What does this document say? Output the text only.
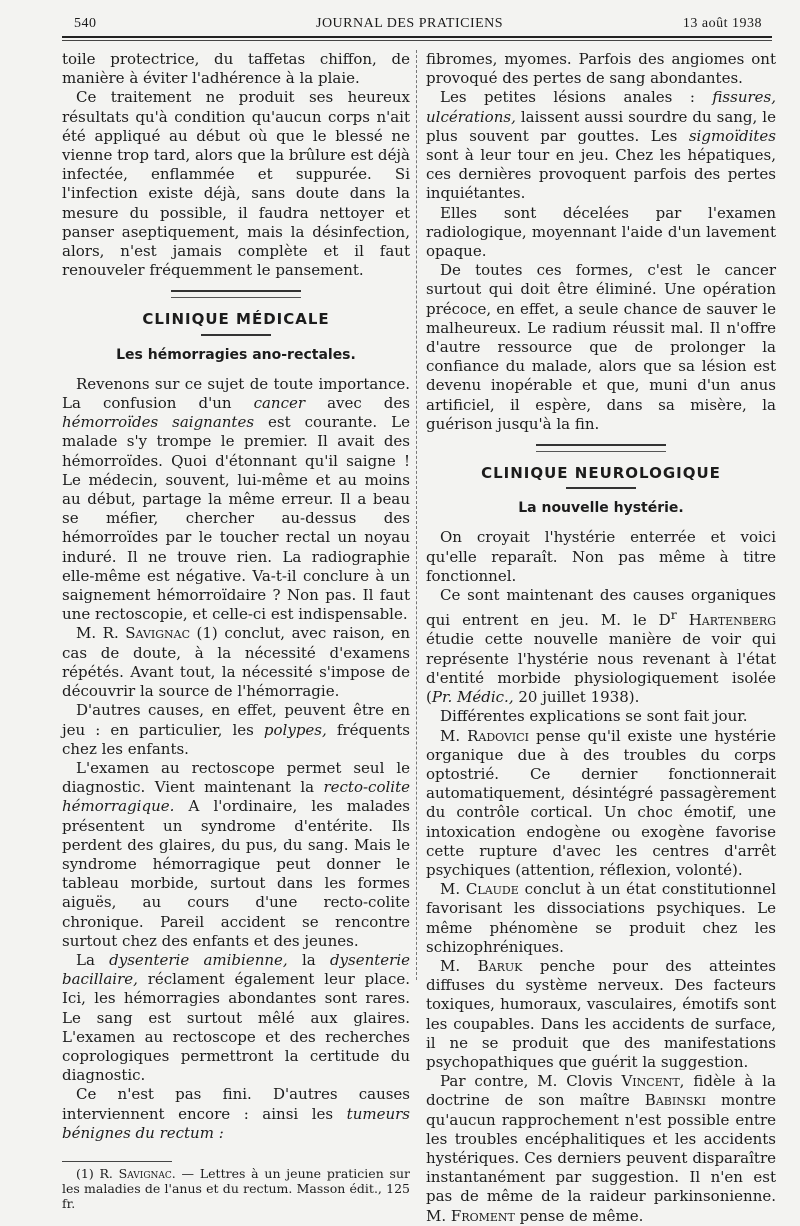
540	JOURNAL DES PRATICIENS	13 août 1938

toile protectrice, du taffetas chiffon, de manière à éviter l'adhérence à la plaie.

Ce traitement ne produit ses heureux résultats qu'à condition qu'aucun corps n'ait été appliqué au début où que le blessé ne vienne trop tard, alors que la brûlure est déjà infectée, enflammée et suppurée. Si l'infection existe déjà, sans doute dans la mesure du possible, il faudra nettoyer et panser aseptiquement, mais la désinfection, alors, n'est jamais complète et il faut renouveler fréquemment le pansement.

CLINIQUE MÉDICALE
Les hémorragies ano-rectales.

Revenons sur ce sujet de toute importance. La confusion d'un cancer avec des hémorroïdes saignantes est courante. Le malade s'y trompe le premier. Il avait des hémorroïdes. Quoi d'étonnant qu'il saigne ! Le médecin, souvent, lui-même et au moins au début, partage la même erreur. Il a beau se méfier, chercher au-dessus des hémorroïdes par le toucher rectal un noyau induré. Il ne trouve rien. La radiographie elle-même est négative. Va-t-il conclure à un saignement hémorroïdaire ? Non pas. Il faut une rectoscopie, et celle-ci est indispensable.

M. R. Savignac (1) conclut, avec raison, en cas de doute, à la nécessité d'examens répétés. Avant tout, la nécessité s'impose de découvrir la source de l'hémorragie.

D'autres causes, en effet, peuvent être en jeu : en particulier, les polypes, fréquents chez les enfants.

L'examen au rectoscope permet seul le diagnostic. Vient maintenant la recto-colite hémorragique. A l'ordinaire, les malades présentent un syndrome d'entérite. Ils perdent des glaires, du pus, du sang. Mais le syndrome hémorragique peut donner le tableau morbide, surtout dans les formes aiguës, au cours d'une recto-colite chronique. Pareil accident se rencontre surtout chez des enfants et des jeunes.

La dysenterie amibienne, la dysenterie bacillaire, réclament également leur place. Ici, les hémorragies abondantes sont rares. Le sang est surtout mêlé aux glaires. L'examen au rectoscope et des recherches coprologiques permettront la certitude du diagnostic.

Ce n'est pas fini. D'autres causes interviennent encore : ainsi les tumeurs bénignes du rectum :

(1) R. Savignac. — Lettres à un jeune praticien sur les maladies de l'anus et du rectum. Masson édit., 125 fr.

fibromes, myomes. Parfois des angiomes ont provoqué des pertes de sang abondantes.

Les petites lésions anales : fissures, ulcérations, laissent aussi sourdre du sang, le plus souvent par gouttes. Les sigmoïdites sont à leur tour en jeu. Chez les hépatiques, ces dernières provoquent parfois des pertes inquiétantes.

Elles sont décelées par l'examen radiologique, moyennant l'aide d'un lavement opaque.

De toutes ces formes, c'est le cancer surtout qui doit être éliminé. Une opération précoce, en effet, a seule chance de sauver le malheureux. Le radium réussit mal. Il n'offre d'autre ressource que de prolonger la confiance du malade, alors que sa lésion est devenu inopérable et que, muni d'un anus artificiel, il espère, dans sa misère, la guérison jusqu'à la fin.

CLINIQUE NEUROLOGIQUE
La nouvelle hystérie.

On croyait l'hystérie enterrée et voici qu'elle reparaît. Non pas même à titre fonctionnel.

Ce sont maintenant des causes organiques qui entrent en jeu. M. le $D^r$ Hartenberg étudie cette nouvelle manière de voir qui représente l'hystérie nous revenant à l'état d'entité morbide physiologiquement isolée (Pr. Médic., 20 juillet 1938).

Différentes explications se sont fait jour.

M. Radovici pense qu'il existe une hystérie organique due à des troubles du corps optostrié. Ce dernier fonctionnerait automatiquement, désintégré passagèrement du contrôle cortical. Un choc émotif, une intoxication endogène ou exogène favorise cette rupture d'avec les centres d'arrêt psychiques (attention, réflexion, volonté).

M. Claude conclut à un état constitutionnel favorisant les dissociations psychiques. Le même phénomène se produit chez les schizophréniques.

M. Baruk penche pour des atteintes diffuses du système nerveux. Des facteurs toxiques, humoraux, vasculaires, émotifs sont les coupables. Dans les accidents de surface, il ne se produit que des manifestations psychopathiques que guérit la suggestion.

Par contre, M. Clovis Vincent, fidèle à la doctrine de son maître Babinski montre qu'aucun rapprochement n'est possible entre les troubles encéphalitiques et les accidents hystériques. Ces derniers peuvent disparaître instantanément par suggestion. Il n'en est pas de même de la raideur parkinsonienne. M. Froment pense de même.
